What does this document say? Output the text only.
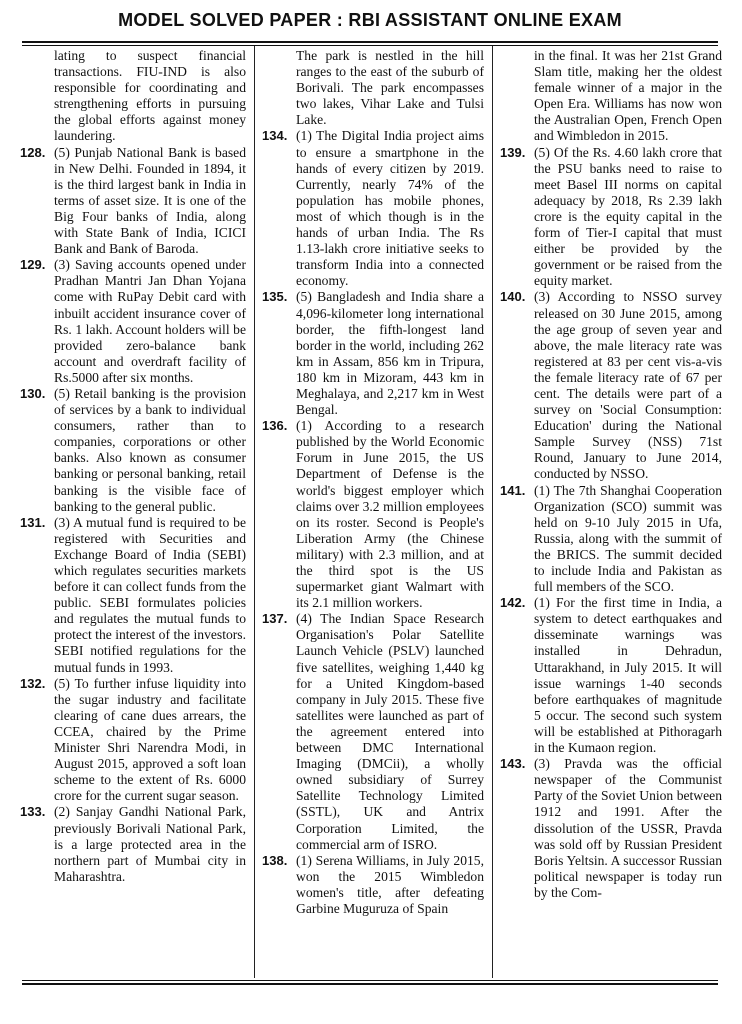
MODEL SOLVED PAPER : RBI ASSISTANT ONLINE EXAM

lating to suspect financial transactions. FIU-IND is also responsible for coordinating and strengthening efforts in pursuing the global efforts against money laundering.

128. (5) Punjab National Bank is based in New Delhi. Founded in 1894, it is the third largest bank in India in terms of asset size. It is one of the Big Four banks of India, along with State Bank of India, ICICI Bank and Bank of Baroda.

129. (3) Saving accounts opened under Pradhan Mantri Jan Dhan Yojana come with RuPay Debit card with inbuilt accident insurance cover of Rs. 1 lakh. Account holders will be provided zero-balance bank account and overdraft facility of Rs.5000 after six months.

130. (5) Retail banking is the provision of services by a bank to individual consumers, rather than to companies, corporations or other banks. Also known as consumer banking or personal banking, retail banking is the visible face of banking to the general public.

131. (3) A mutual fund is required to be registered with Securities and Exchange Board of India (SEBI) which regulates securities markets before it can collect funds from the public. SEBI formulates policies and regulates the mutual funds to protect the interest of the investors. SEBI notified regulations for the mutual funds in 1993.

132. (5) To further infuse liquidity into the sugar industry and facilitate clearing of cane dues arrears, the CCEA, chaired by the Prime Minister Shri Narendra Modi, in August 2015, approved a soft loan scheme to the extent of Rs. 6000 crore for the current sugar season.

133. (2) Sanjay Gandhi National Park, previously Borivali National Park, is a large protected area in the northern part of Mumbai city in Maharashtra.

The park is nestled in the hill ranges to the east of the suburb of Borivali. The park encompasses two lakes, Vihar Lake and Tulsi Lake.

134. (1) The Digital India project aims to ensure a smartphone in the hands of every citizen by 2019. Currently, nearly 74% of the population has mobile phones, most of which though is in the hands of urban India. The Rs 1.13-lakh crore initiative seeks to transform India into a connected economy.

135. (5) Bangladesh and India share a 4,096-kilometer long international border, the fifth-longest land border in the world, including 262 km in Assam, 856 km in Tripura, 180 km in Mizoram, 443 km in Meghalaya, and 2,217 km in West Bengal.

136. (1) According to a research published by the World Economic Forum in June 2015, the US Department of Defense is the world's biggest employer which claims over 3.2 million employees on its roster. Second is People's Liberation Army (the Chinese military) with 2.3 million, and at the third spot is the US supermarket giant Walmart with its 2.1 million workers.

137. (4) The Indian Space Research Organisation's Polar Satellite Launch Vehicle (PSLV) launched five satellites, weighing 1,440 kg for a United Kingdom-based company in July 2015. These five satellites were launched as part of the agreement entered into between DMC International Imaging (DMCii), a wholly owned subsidiary of Surrey Satellite Technology Limited (SSTL), UK and Antrix Corporation Limited, the commercial arm of ISRO.

138. (1) Serena Williams, in July 2015, won the 2015 Wimbledon women's title, after defeating Garbine Muguruza of Spain

in the final. It was her 21st Grand Slam title, making her the oldest female winner of a major in the Open Era. Williams has now won the Australian Open, French Open and Wimbledon in 2015.

139. (5) Of the Rs. 4.60 lakh crore that the PSU banks need to raise to meet Basel III norms on capital adequacy by 2018, Rs 2.39 lakh crore is the equity capital in the form of Tier-I capital that must either be provided by the government or be raised from the equity market.

140. (3) According to NSSO survey released on 30 June 2015, among the age group of seven year and above, the male literacy rate was registered at 83 per cent vis-a-vis the female literacy rate of 67 per cent. The details were part of a survey on 'Social Consumption: Education' during the National Sample Survey (NSS) 71st Round, January to June 2014, conducted by NSSO.

141. (1) The 7th Shanghai Cooperation Organization (SCO) summit was held on 9-10 July 2015 in Ufa, Russia, along with the summit of the BRICS. The summit decided to include India and Pakistan as full members of the SCO.

142. (1) For the first time in India, a system to detect earthquakes and disseminate warnings was installed in Dehradun, Uttarakhand, in July 2015. It will issue warnings 1-40 seconds before earthquakes of magnitude 5 occur. The second such system will be established at Pithoragarh in the Kumaon region.

143. (3) Pravda was the official newspaper of the Communist Party of the Soviet Union between 1912 and 1991. After the dissolution of the USSR, Pravda was sold off by Russian President Boris Yeltsin. A successor Russian political newspaper is today run by the Com-
